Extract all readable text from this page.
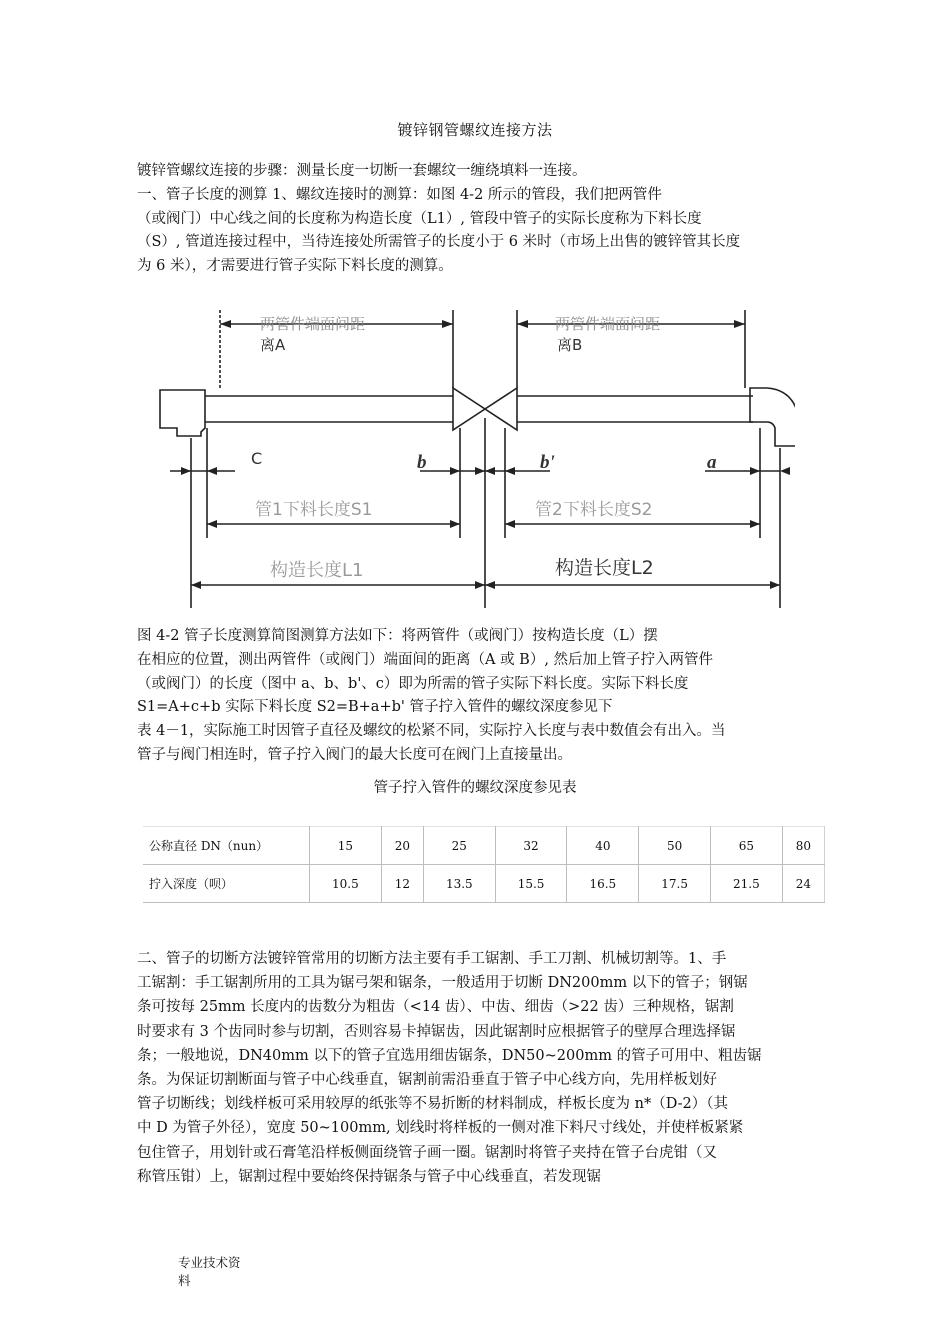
镀锌钢管螺纹连接方法
镀锌管螺纹连接的步骤：测量长度一切断一套螺纹一缠绕填料一连接。
一、管子长度的测算 1、螺纹连接时的测算：如图 4-2 所示的管段，我们把两管件
（或阀门）中心线之间的长度称为构造长度（L1）, 管段中管子的实际长度称为下料长度
（S）, 管道连接过程中，当待连接处所需管子的长度小于 6 米时（市场上出售的镀锌管其长度
为 6 米），才需要进行管子实际下料长度的测算。
两管件端面间距
离A
两管件端面间距
离B
C	b	b'	a
管1下料长度S1	管2下料长度S2
构造长度L1	构造长度L2
图 4-2 管子长度测算简图测算方法如下：将两管件（或阀门）按构造长度（L）摆
在相应的位置，测出两管件（或阀门）端面间的距离（A 或 B）, 然后加上管子拧入两管件
（或阀门）的长度（图中 a、b、b'、c）即为所需的管子实际下料长度。实际下料长度
S1=A+c+b 实际下料长度 S2=B+a+b' 管子拧入管件的螺纹深度参见下
表 4－1，实际施工时因管子直径及螺纹的松紧不同，实际拧入长度与表中数值会有出入。当
管子与阀门相连时，管子拧入阀门的最大长度可在阀门上直接量出。
管子拧入管件的螺纹深度参见表
公称直径 DN（nun）	15	20	25	32	40	50	65	80
拧入深度（呗）	10.5	12	13.5	15.5	16.5	17.5	21.5	24
二、管子的切断方法镀锌管常用的切断方法主要有手工锯割、手工刀割、机械切割等。1、手
工锯割：手工锯割所用的工具为锯弓架和锯条，一般适用于切断 DN200mm 以下的管子；钢锯
条可按每 25mm 长度内的齿数分为粗齿（<14 齿）、中齿、细齿（>22 齿）三种规格，锯割
时要求有 3 个齿同时参与切割，否则容易卡掉锯齿，因此锯割时应根据管子的壁厚合理选择锯
条；一般地说，DN40mm 以下的管子宜选用细齿锯条，DN50~200mm 的管子可用中、粗齿锯
条。为保证切割断面与管子中心线垂直，锯割前需沿垂直于管子中心线方向，先用样板划好
管子切断线；划线样板可采用较厚的纸张等不易折断的材料制成，样板长度为 n*（D-2）（其
中 D 为管子外径），宽度 50~100mm, 划线时将样板的一侧对准下料尺寸线处，并使样板紧紧
包住管子，用划针或石膏笔沿样板侧面绕管子画一圈。锯割时将管子夹持在管子台虎钳（又
称管压钳）上，锯割过程中要始终保持锯条与管子中心线垂直，若发现锯
专业技术资
料
